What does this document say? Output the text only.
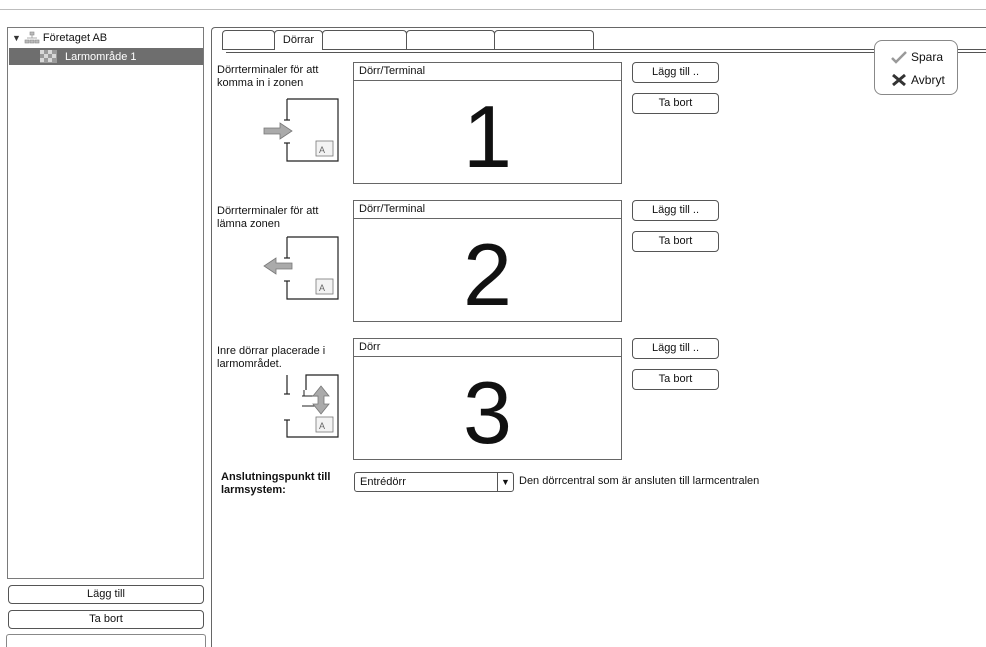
▼ Företaget AB
Larmområde 1
Lägg till
Ta bort
Dörrar
Spara
Avbryt
Dörrterminaler för att komma in i zonen
A
Dörr/Terminal
1
Lägg till ..
Ta bort
Dörrterminaler för att lämna zonen
A
Dörr/Terminal
2
Lägg till ..
Ta bort
Inre dörrar placerade i larmområdet.
A
Dörr
3
Lägg till ..
Ta bort
Anslutningspunkt till larmsystem:
Entrédörr	▼ Den dörrcentral som är ansluten till larmcentralen
